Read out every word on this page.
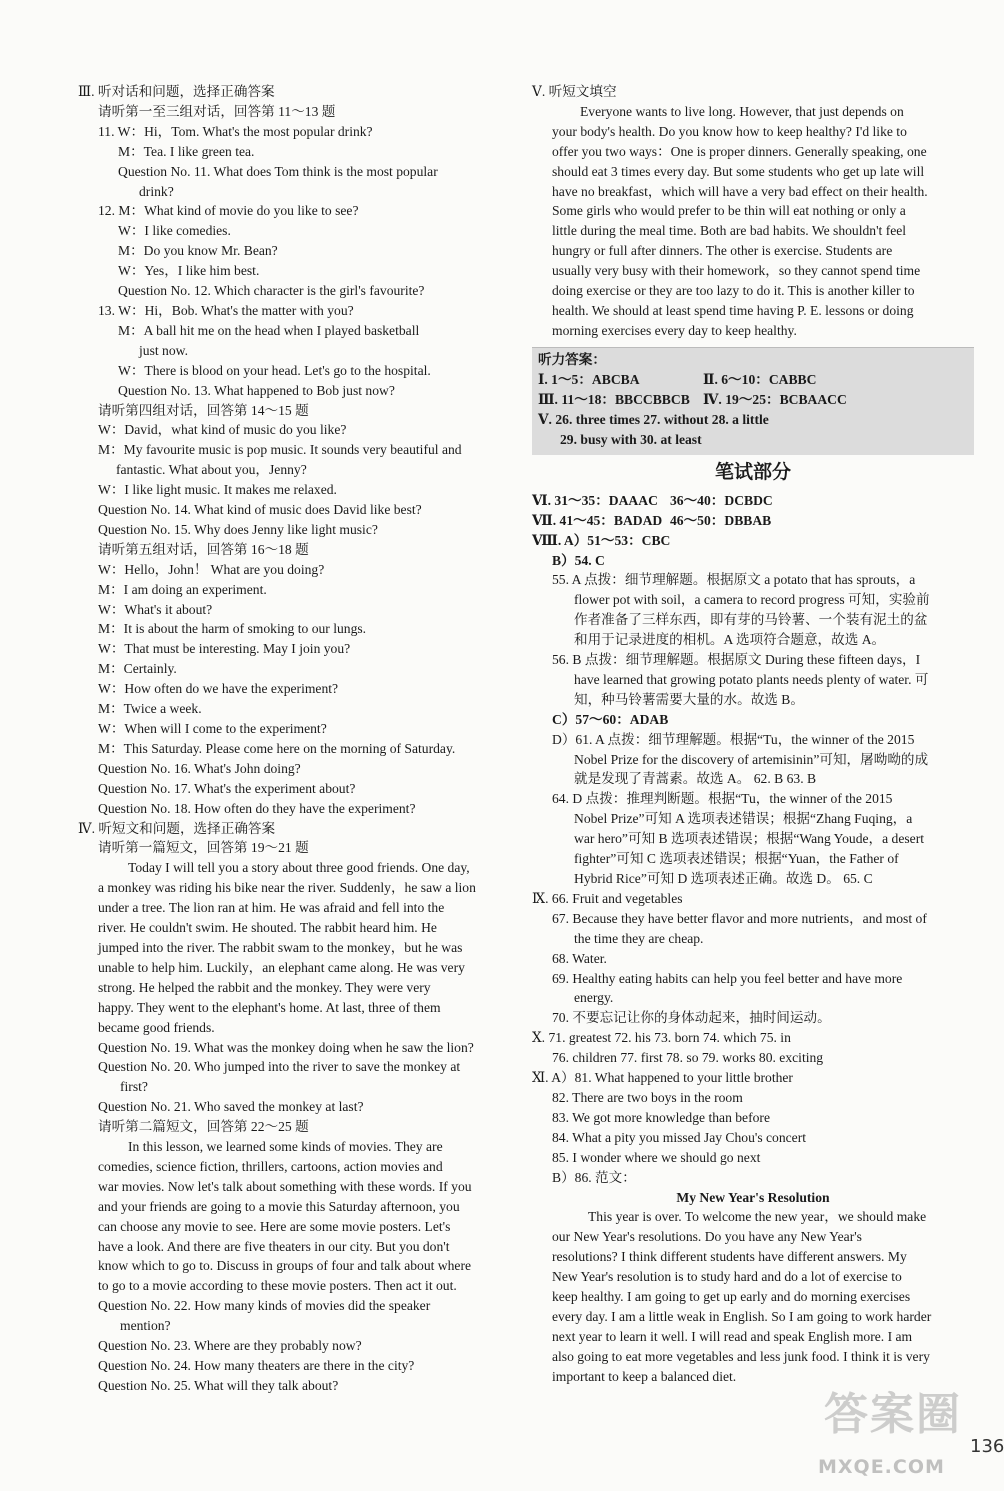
Ⅲ. 听对话和问题，选择正确答案
请听第一至三组对话，回答第 11～13 题
11. W：Hi，Tom. What's the most popular drink?
M：Tea. I like green tea.
Question No. 11. What does Tom think is the most popular
drink?
12. M：What kind of movie do you like to see?
W：I like comedies.
M：Do you know Mr. Bean?
W：Yes，I like him best.
Question No. 12. Which character is the girl's favourite?
13. W：Hi，Bob. What's the matter with you?
M：A ball hit me on the head when I played basketball
just now.
W：There is blood on your head. Let's go to the hospital.
Question No. 13. What happened to Bob just now?
请听第四组对话，回答第 14～15 题
W：David，what kind of music do you like?
M：My favourite music is pop music. It sounds very beautiful and
fantastic. What about you，Jenny?
W：I like light music. It makes me relaxed.
Question No. 14. What kind of music does David like best?
Question No. 15. Why does Jenny like light music?
请听第五组对话，回答第 16～18 题
W：Hello，John！ What are you doing?
M：I am doing an experiment.
W：What's it about?
M：It is about the harm of smoking to our lungs.
W：That must be interesting. May I join you?
M：Certainly.
W：How often do we have the experiment?
M：Twice a week.
W：When will I come to the experiment?
M：This Saturday. Please come here on the morning of Saturday.
Question No. 16. What's John doing?
Question No. 17. What's the experiment about?
Question No. 18. How often do they have the experiment?
Ⅳ. 听短文和问题，选择正确答案
请听第一篇短文，回答第 19～21 题
Today I will tell you a story about three good friends. One day,
a monkey was riding his bike near the river. Suddenly，he saw a lion
under a tree. The lion ran at him. He was afraid and fell into the
river. He couldn't swim. He shouted. The rabbit heard him. He
jumped into the river. The rabbit swam to the monkey，but he was
unable to help him. Luckily，an elephant came along. He was very
strong. He helped the rabbit and the monkey. They were very
happy. They went to the elephant's home. At last, three of them
became good friends.
Question No. 19. What was the monkey doing when he saw the lion?
Question No. 20. Who jumped into the river to save the monkey at
first?
Question No. 21. Who saved the monkey at last?
请听第二篇短文，回答第 22～25 题
In this lesson, we learned some kinds of movies. They are
comedies, science fiction, thrillers, cartoons, action movies and
war movies. Now let's talk about something with these words. If you
and your friends are going to a movie this Saturday afternoon, you
can choose any movie to see. Here are some movie posters. Let's
have a look. And there are five theaters in our city. But you don't
know which to go to. Discuss in groups of four and talk about where
to go to a movie according to these movie posters. Then act it out.
Question No. 22. How many kinds of movies did the speaker
mention?
Question No. 23. Where are they probably now?
Question No. 24. How many theaters are there in the city?
Question No. 25. What will they talk about?
Ⅴ. 听短文填空
Everyone wants to live long. However, that just depends on
your body's health. Do you know how to keep healthy? I'd like to
offer you two ways：One is proper dinners. Generally speaking, one
should eat 3 times every day. But some students who get up late will
have no breakfast，which will have a very bad effect on their health.
Some girls who would prefer to be thin will eat nothing or only a
little during the meal time. Both are bad habits. We shouldn't feel
hungry or full after dinners. The other is exercise. Students are
usually very busy with their homework，so they cannot spend time
doing exercise or they are too lazy to do it. This is another killer to
health. We should at least spend time having P. E. lessons or doing
morning exercises every day to keep healthy.
听力答案：
Ⅰ. 1～5：ABCBA	Ⅱ. 6～10：CABBC
Ⅲ. 11～18：BBCCBBCB Ⅳ. 19～25：BCBAACC
Ⅴ. 26. three times 27. without 28. a little
29. busy with 30. at least
笔试部分
Ⅵ. 31～35：DAAAC 36～40：DCBDC
Ⅶ. 41～45：BADAD 46～50：DBBAB
Ⅷ. A）51～53：CBC
B）54. C
55. A 点拨：细节理解题。根据原文 a potato that has sprouts，a
flower pot with soil，a camera to record progress 可知，实验前
作者准备了三样东西，即有芽的马铃薯、一个装有泥土的盆
和用于记录进度的相机。A 选项符合题意，故选 A。
56. B 点拨：细节理解题。根据原文 During these fifteen days，I
have learned that growing potato plants needs plenty of water. 可
知，种马铃薯需要大量的水。故选 B。
C）57～60：ADAB
D）61. A 点拨：细节理解题。根据“Tu，the winner of the 2015
Nobel Prize for the discovery of artemisinin”可知，屠呦呦的成
就是发现了青蒿素。故选 A。 62. B 63. B
64. D 点拨：推理判断题。根据“Tu，the winner of the 2015
Nobel Prize”可知 A 选项表述错误；根据“Zhang Fuqing，a
war hero”可知 B 选项表述错误；根据“Wang Youde，a desert
fighter”可知 C 选项表述错误；根据“Yuan，the Father of
Hybrid Rice”可知 D 选项表述正确。故选 D。 65. C
Ⅸ. 66. Fruit and vegetables
67. Because they have better flavor and more nutrients，and most of
the time they are cheap.
68. Water.
69. Healthy eating habits can help you feel better and have more
energy.
70. 不要忘记让你的身体动起来，抽时间运动。
Ⅹ. 71. greatest 72. his 73. born 74. which 75. in
76. children 77. first 78. so 79. works 80. exciting
Ⅺ. A）81. What happened to your little brother
82. There are two boys in the room
83. We got more knowledge than before
84. What a pity you missed Jay Chou's concert
85. I wonder where we should go next
B）86. 范文：
My New Year's Resolution
This year is over. To welcome the new year，we should make
our New Year's resolutions. Do you have any New Year's
resolutions? I think different students have different answers. My
New Year's resolution is to study hard and do a lot of exercise to
keep healthy. I am going to get up early and do morning exercises
every day. I am a little weak in English. So I am going to work harder
next year to learn it well. I will read and speak English more. I am
also going to eat more vegetables and less junk food. I think it is very
important to keep a balanced diet.
答案圈
136
MXQE.COM
